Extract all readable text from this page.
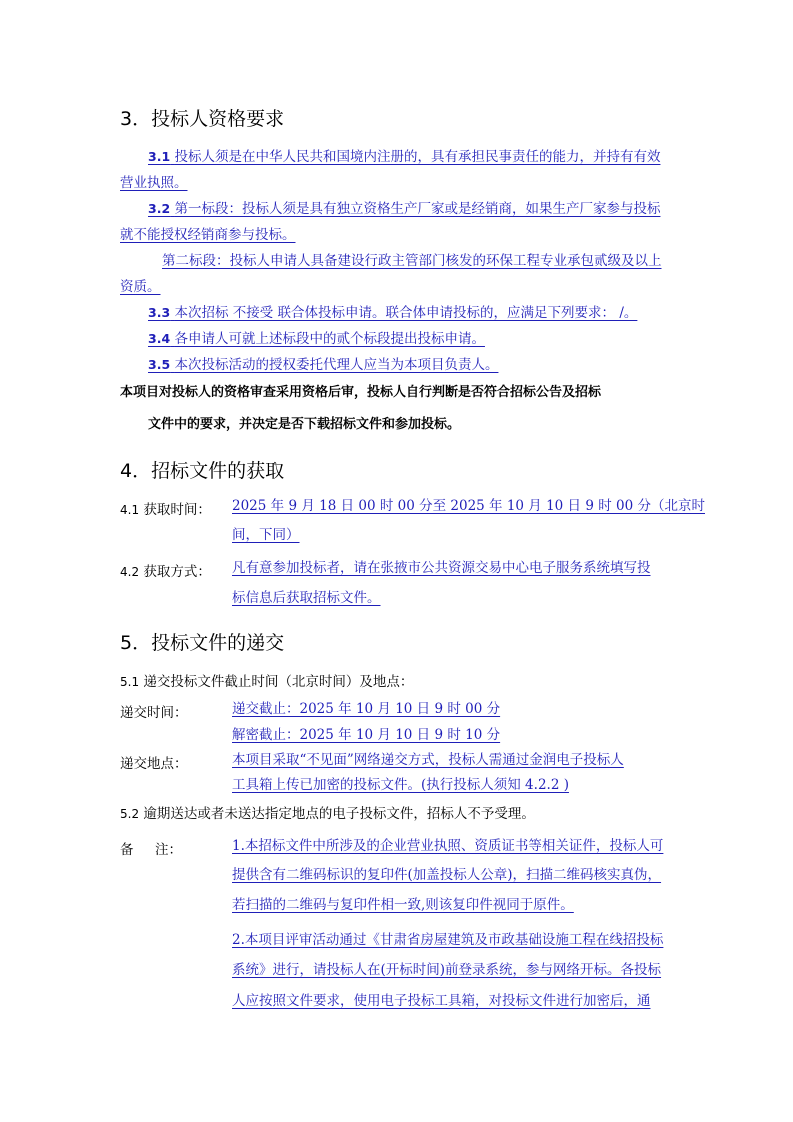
3．投标人资格要求
3.1 投标人须是在中华人民共和国境内注册的，具有承担民事责任的能力，并持有有效
营业执照。
3.2 第一标段：投标人须是具有独立资格生产厂家或是经销商，如果生产厂家参与投标
就不能授权经销商参与投标。
第二标段：投标人申请人具备建设行政主管部门核发的环保工程专业承包贰级及以上
资质。
3.3 本次招标 不接受 联合体投标申请。联合体申请投标的，应满足下列要求： /。
3.4 各申请人可就上述标段中的贰个标段提出投标申请。
3.5 本次投标活动的授权委托代理人应当为本项目负责人。
本项目对投标人的资格审查采用资格后审，投标人自行判断是否符合招标公告及招标
文件中的要求，并决定是否下载招标文件和参加投标。
4．招标文件的获取
4.1 获取时间： 2025 年 9 月 18 日 00 时 00 分至 2025 年 10 月 10 日 9 时 00 分（北京时
间，下同）
4.2 获取方式： 凡有意参加投标者，请在张掖市公共资源交易中心电子服务系统填写投
标信息后获取招标文件。
5．投标文件的递交
5.1 递交投标文件截止时间（北京时间）及地点：
递交时间：	递交截止：2025 年 10 月 10 日 9 时 00 分
解密截止：2025 年 10 月 10 日 9 时 10 分
递交地点：	本项目采取“不见面”网络递交方式，投标人需通过金润电子投标人
工具箱上传已加密的投标文件。(执行投标人须知 4.2.2 )
5.2 逾期送达或者未送达指定地点的电子投标文件，招标人不予受理。
备     注：	1.本招标文件中所涉及的企业营业执照、资质证书等相关证件，投标人可
提供含有二维码标识的复印件(加盖投标人公章)，扫描二维码核实真伪，
若扫描的二维码与复印件相一致,则该复印件视同于原件。
2.本项目评审活动通过《甘肃省房屋建筑及市政基础设施工程在线招投标
系统》进行，请投标人在(开标时间)前登录系统，参与网络开标。各投标
人应按照文件要求，使用电子投标工具箱，对投标文件进行加密后，通
